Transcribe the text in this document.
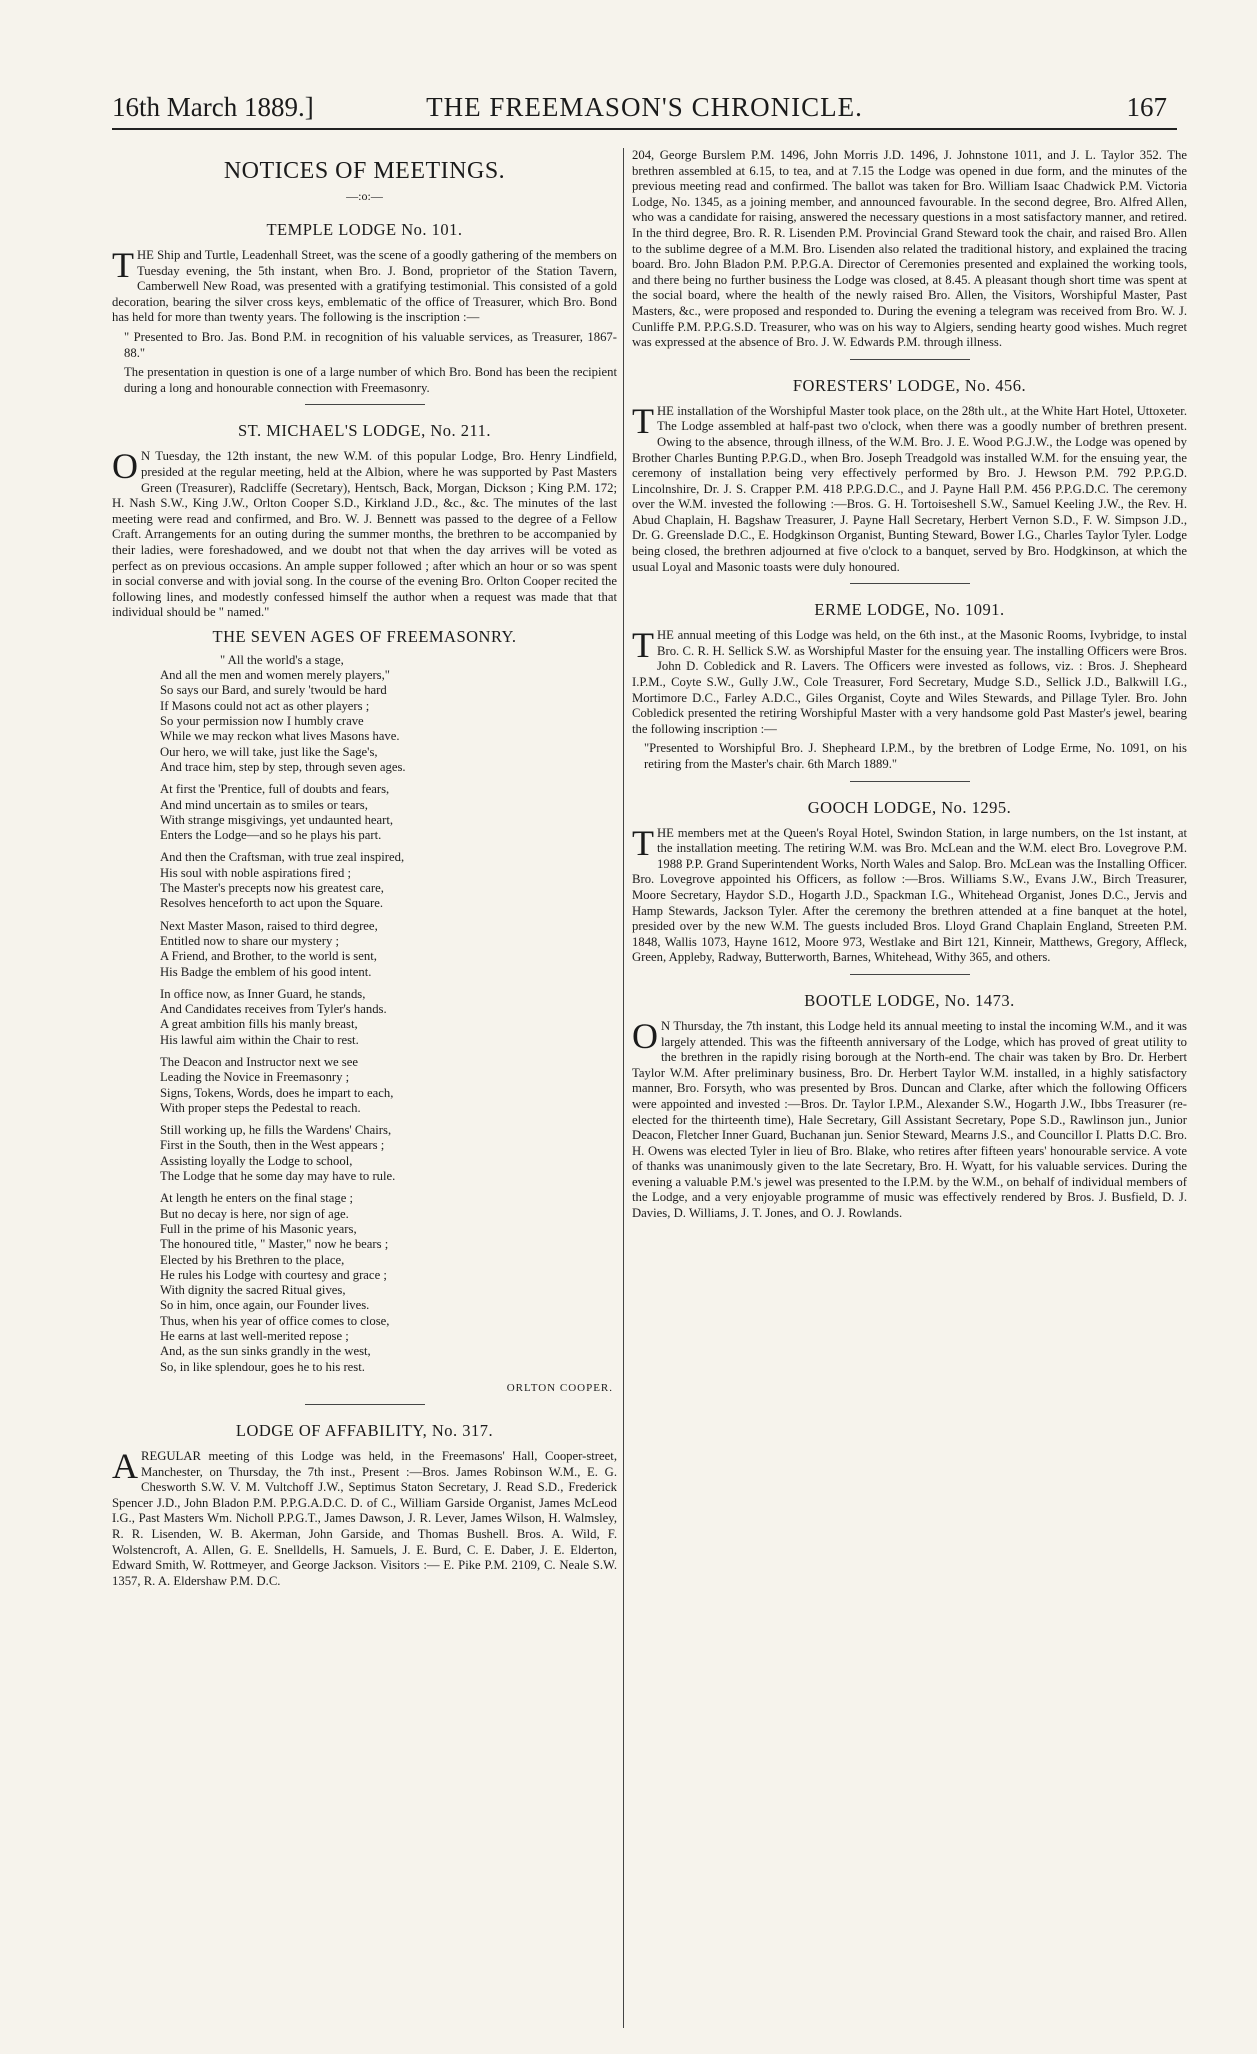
16th March 1889.]	THE FREEMASON'S CHRONICLE.	167
NOTICES OF MEETINGS.
—:o:—
TEMPLE LODGE No. 101.

THE Ship and Turtle, Leadenhall Street, was the scene of a goodly gathering of the members on Tuesday evening, the 5th instant, when Bro. J. Bond, proprietor of the Station Tavern, Camberwell New Road, was presented with a gratifying testimonial. This consisted of a gold decoration, bearing the silver cross keys, emblematic of the office of Treasurer, which Bro. Bond has held for more than twenty years. The following is the inscription :—

" Presented to Bro. Jas. Bond P.M. in recognition of his valuable services, as Treasurer, 1867-88."

The presentation in question is one of a large number of which Bro. Bond has been the recipient during a long and honourable connection with Freemasonry.

ST. MICHAEL'S LODGE, No. 211.

O N Tuesday, the 12th instant, the new W.M. of this popular Lodge, Bro. Henry Lindfield, presided at the regular meeting, held at the Albion, where he was supported by Past Masters Green (Treasurer), Radcliffe (Secretary), Hentsch, Back, Morgan, Dickson ; King P.M. 172; H. Nash S.W., King J.W., Orlton Cooper S.D., Kirkland J.D., &c., &c. The minutes of the last meeting were read and confirmed, and Bro. W. J. Bennett was passed to the degree of a Fellow Craft. Arrangements for an outing during the summer months, the brethren to be accompanied by their ladies, were foreshadowed, and we doubt not that when the day arrives will be voted as perfect as on previous occasions. An ample supper followed ; after which an hour or so was spent in social converse and with jovial song. In the course of the evening Bro. Orlton Cooper recited the following lines, and modestly confessed himself the author when a request was made that that individual should be " named."

THE SEVEN AGES OF FREEMASONRY.
" All the world's a stage,
And all the men and women merely players,"
So says our Bard, and surely 'twould be hard
If Masons could not act as other players ;
So your permission now I humbly crave
While we may reckon what lives Masons have.
Our hero, we will take, just like the Sage's,
And trace him, step by step, through seven ages.
At first the 'Prentice, full of doubts and fears,
And mind uncertain as to smiles or tears,
With strange misgivings, yet undaunted heart,
Enters the Lodge—and so he plays his part.
And then the Craftsman, with true zeal inspired,
His soul with noble aspirations fired ;
The Master's precepts now his greatest care,
Resolves henceforth to act upon the Square.
Next Master Mason, raised to third degree,
Entitled now to share our mystery ;
A Friend, and Brother, to the world is sent,
His Badge the emblem of his good intent.
In office now, as Inner Guard, he stands,
And Candidates receives from Tyler's hands.
A great ambition fills his manly breast,
His lawful aim within the Chair to rest.
The Deacon and Instructor next we see
Leading the Novice in Freemasonry ;
Signs, Tokens, Words, does he impart to each,
With proper steps the Pedestal to reach.
Still working up, he fills the Wardens' Chairs,
First in the South, then in the West appears ;
Assisting loyally the Lodge to school,
The Lodge that he some day may have to rule.
At length he enters on the final stage ;
But no decay is here, nor sign of age.
Full in the prime of his Masonic years,
The honoured title, " Master," now he bears ;
Elected by his Brethren to the place,
He rules his Lodge with courtesy and grace ;
With dignity the sacred Ritual gives,
So in him, once again, our Founder lives.
Thus, when his year of office comes to close,
He earns at last well-merited repose ;
And, as the sun sinks grandly in the west,
So, in like splendour, goes he to his rest.
ORLTON COOPER.
LODGE OF AFFABILITY, No. 317.

AREGULAR meeting of this Lodge was held, in the Freemasons' Hall, Cooper-street, Manchester, on Thursday, the 7th inst., Present :—Bros. James Robinson W.M., E. G. Chesworth S.W. V. M. Vultchoff J.W., Septimus Staton Secretary, J. Read S.D., Frederick Spencer J.D., John Bladon P.M. P.P.G.A.D.C. D. of C., William Garside Organist, James McLeod I.G., Past Masters Wm. Nicholl P.P.G.T., James Dawson, J. R. Lever, James Wilson, H. Walmsley, R. R. Lisenden, W. B. Akerman, John Garside, and Thomas Bushell. Bros. A. Wild, F. Wolstencroft, A. Allen, G. E. Snelldells, H. Samuels, J. E. Burd, C. E. Daber, J. E. Elderton, Edward Smith, W. Rottmeyer, and George Jackson. Visitors :— E. Pike P.M. 2109, C. Neale S.W. 1357, R. A. Eldershaw P.M. D.C.

204, George Burslem P.M. 1496, John Morris J.D. 1496, J. Johnstone 1011, and J. L. Taylor 352. The brethren assembled at 6.15, to tea, and at 7.15 the Lodge was opened in due form, and the minutes of the previous meeting read and confirmed. The ballot was taken for Bro. William Isaac Chadwick P.M. Victoria Lodge, No. 1345, as a joining member, and announced favourable. In the second degree, Bro. Alfred Allen, who was a candidate for raising, answered the necessary questions in a most satisfactory manner, and retired. In the third degree, Bro. R. R. Lisenden P.M. Provincial Grand Steward took the chair, and raised Bro. Allen to the sublime degree of a M.M. Bro. Lisenden also related the traditional history, and explained the tracing board. Bro. John Bladon P.M. P.P.G.A. Director of Ceremonies presented and explained the working tools, and there being no further business the Lodge was closed, at 8.45. A pleasant though short time was spent at the social board, where the health of the newly raised Bro. Allen, the Visitors, Worshipful Master, Past Masters, &c., were proposed and responded to. During the evening a telegram was received from Bro. W. J. Cunliffe P.M. P.P.G.S.D. Treasurer, who was on his way to Algiers, sending hearty good wishes. Much regret was expressed at the absence of Bro. J. W. Edwards P.M. through illness.

FORESTERS' LODGE, No. 456.

THE installation of the Worshipful Master took place, on the 28th ult., at the White Hart Hotel, Uttoxeter. The Lodge assembled at half-past two o'clock, when there was a goodly number of brethren present. Owing to the absence, through illness, of the W.M. Bro. J. E. Wood P.G.J.W., the Lodge was opened by Brother Charles Bunting P.P.G.D., when Bro. Joseph Treadgold was installed W.M. for the ensuing year, the ceremony of installation being very effectively performed by Bro. J. Hewson P.M. 792 P.P.G.D. Lincolnshire, Dr. J. S. Crapper P.M. 418 P.P.G.D.C., and J. Payne Hall P.M. 456 P.P.G.D.C. The ceremony over the W.M. invested the following :—Bros. G. H. Tortoiseshell S.W., Samuel Keeling J.W., the Rev. H. Abud Chaplain, H. Bagshaw Treasurer, J. Payne Hall Secretary, Herbert Vernon S.D., F. W. Simpson J.D., Dr. G. Greenslade D.C., E. Hodgkinson Organist, Bunting Steward, Bower I.G., Charles Taylor Tyler. Lodge being closed, the brethren adjourned at five o'clock to a banquet, served by Bro. Hodgkinson, at which the usual Loyal and Masonic toasts were duly honoured.

ERME LODGE, No. 1091.

THE annual meeting of this Lodge was held, on the 6th inst., at the Masonic Rooms, Ivybridge, to instal Bro. C. R. H. Sellick S.W. as Worshipful Master for the ensuing year. The installing Officers were Bros. John D. Cobledick and R. Lavers. The Officers were invested as follows, viz. : Bros. J. Shepheard I.P.M., Coyte S.W., Gully J.W., Cole Treasurer, Ford Secretary, Mudge S.D., Sellick J.D., Balkwill I.G., Mortimore D.C., Farley A.D.C., Giles Organist, Coyte and Wiles Stewards, and Pillage Tyler. Bro. John Cobledick presented the retiring Worshipful Master with a very handsome gold Past Master's jewel, bearing the following inscription :—

"Presented to Worshipful Bro. J. Shepheard I.P.M., by the bretbren of Lodge Erme, No. 1091, on his retiring from the Master's chair. 6th March 1889."

GOOCH LODGE, No. 1295.

THE members met at the Queen's Royal Hotel, Swindon Station, in large numbers, on the 1st instant, at the installation meeting. The retiring W.M. was Bro. McLean and the W.M. elect Bro. Lovegrove P.M. 1988 P.P. Grand Superintendent Works, North Wales and Salop. Bro. McLean was the Installing Officer. Bro. Lovegrove appointed his Officers, as follow :—Bros. Williams S.W., Evans J.W., Birch Treasurer, Moore Secretary, Haydor S.D., Hogarth J.D., Spackman I.G., Whitehead Organist, Jones D.C., Jervis and Hamp Stewards, Jackson Tyler. After the ceremony the brethren attended at a fine banquet at the hotel, presided over by the new W.M. The guests included Bros. Lloyd Grand Chaplain England, Streeten P.M. 1848, Wallis 1073, Hayne 1612, Moore 973, Westlake and Birt 121, Kinneir, Matthews, Gregory, Affleck, Green, Appleby, Radway, Butterworth, Barnes, Whitehead, Withy 365, and others.

BOOTLE LODGE, No. 1473.

O N Thursday, the 7th instant, this Lodge held its annual meeting to instal the incoming W.M., and it was largely attended. This was the fifteenth anniversary of the Lodge, which has proved of great utility to the brethren in the rapidly rising borough at the North-end. The chair was taken by Bro. Dr. Herbert Taylor W.M. After preliminary business, Bro. Dr. Herbert Taylor W.M. installed, in a highly satisfactory manner, Bro. Forsyth, who was presented by Bros. Duncan and Clarke, after which the following Officers were appointed and invested :—Bros. Dr. Taylor I.P.M., Alexander S.W., Hogarth J.W., Ibbs Treasurer (re-elected for the thirteenth time), Hale Secretary, Gill Assistant Secretary, Pope S.D., Rawlinson jun., Junior Deacon, Fletcher Inner Guard, Buchanan jun. Senior Steward, Mearns J.S., and Councillor I. Platts D.C. Bro. H. Owens was elected Tyler in lieu of Bro. Blake, who retires after fifteen years' honourable service. A vote of thanks was unanimously given to the late Secretary, Bro. H. Wyatt, for his valuable services. During the evening a valuable P.M.'s jewel was presented to the I.P.M. by the W.M., on behalf of individual members of the Lodge, and a very enjoyable programme of music was effectively rendered by Bros. J. Busfield, D. J. Davies, D. Williams, J. T. Jones, and O. J. Rowlands.
